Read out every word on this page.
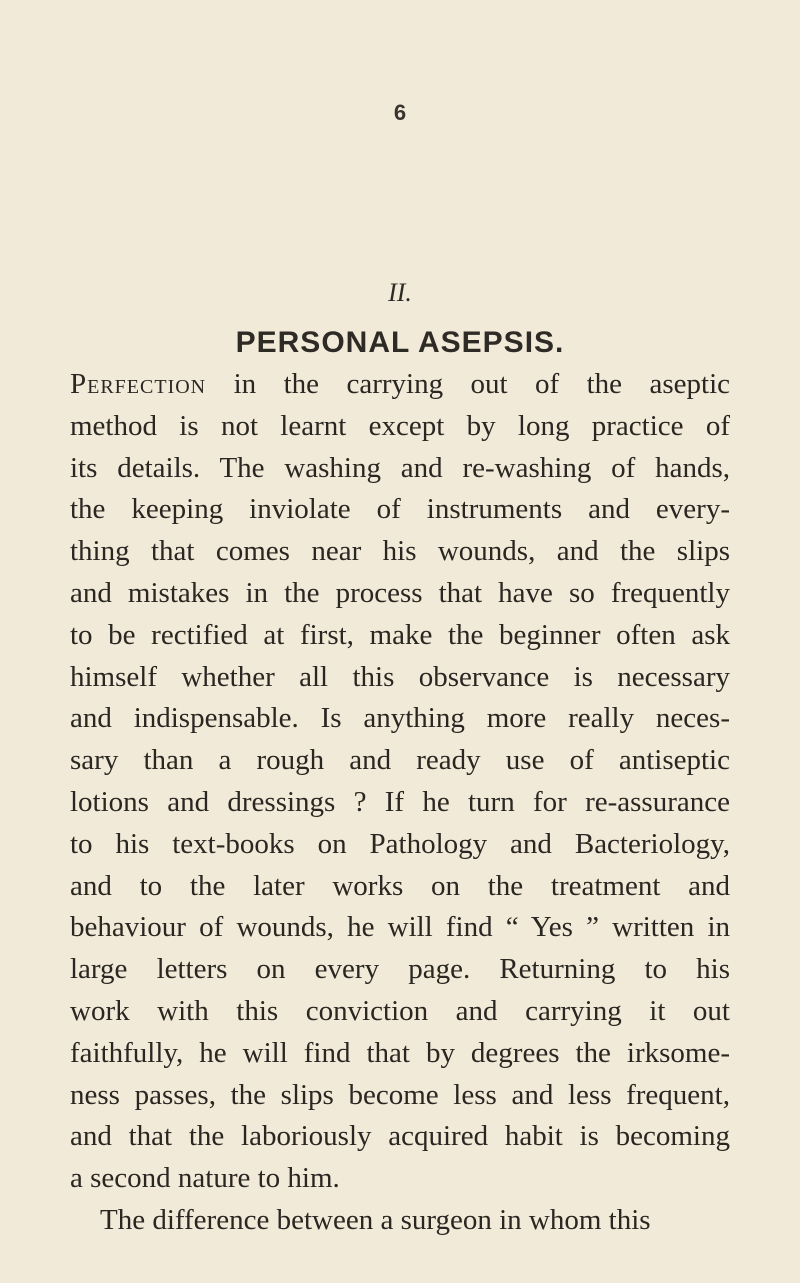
6
II.
PERSONAL ASEPSIS.
Perfection in the carrying out of the aseptic
method is not learnt except by long practice of
its details. The washing and re-washing of hands,
the keeping inviolate of instruments and every-
thing that comes near his wounds, and the slips
and mistakes in the process that have so frequently
to be rectified at first, make the beginner often ask
himself whether all this observance is necessary
and indispensable. Is anything more really neces-
sary than a rough and ready use of antiseptic
lotions and dressings ? If he turn for re-assurance
to his text-books on Pathology and Bacteriology,
and to the later works on the treatment and
behaviour of wounds, he will find “ Yes ” written in
large letters on every page. Returning to his
work with this conviction and carrying it out
faithfully, he will find that by degrees the irksome-
ness passes, the slips become less and less frequent,
and that the laboriously acquired habit is becoming
a second nature to him.
The difference between a surgeon in whom this
